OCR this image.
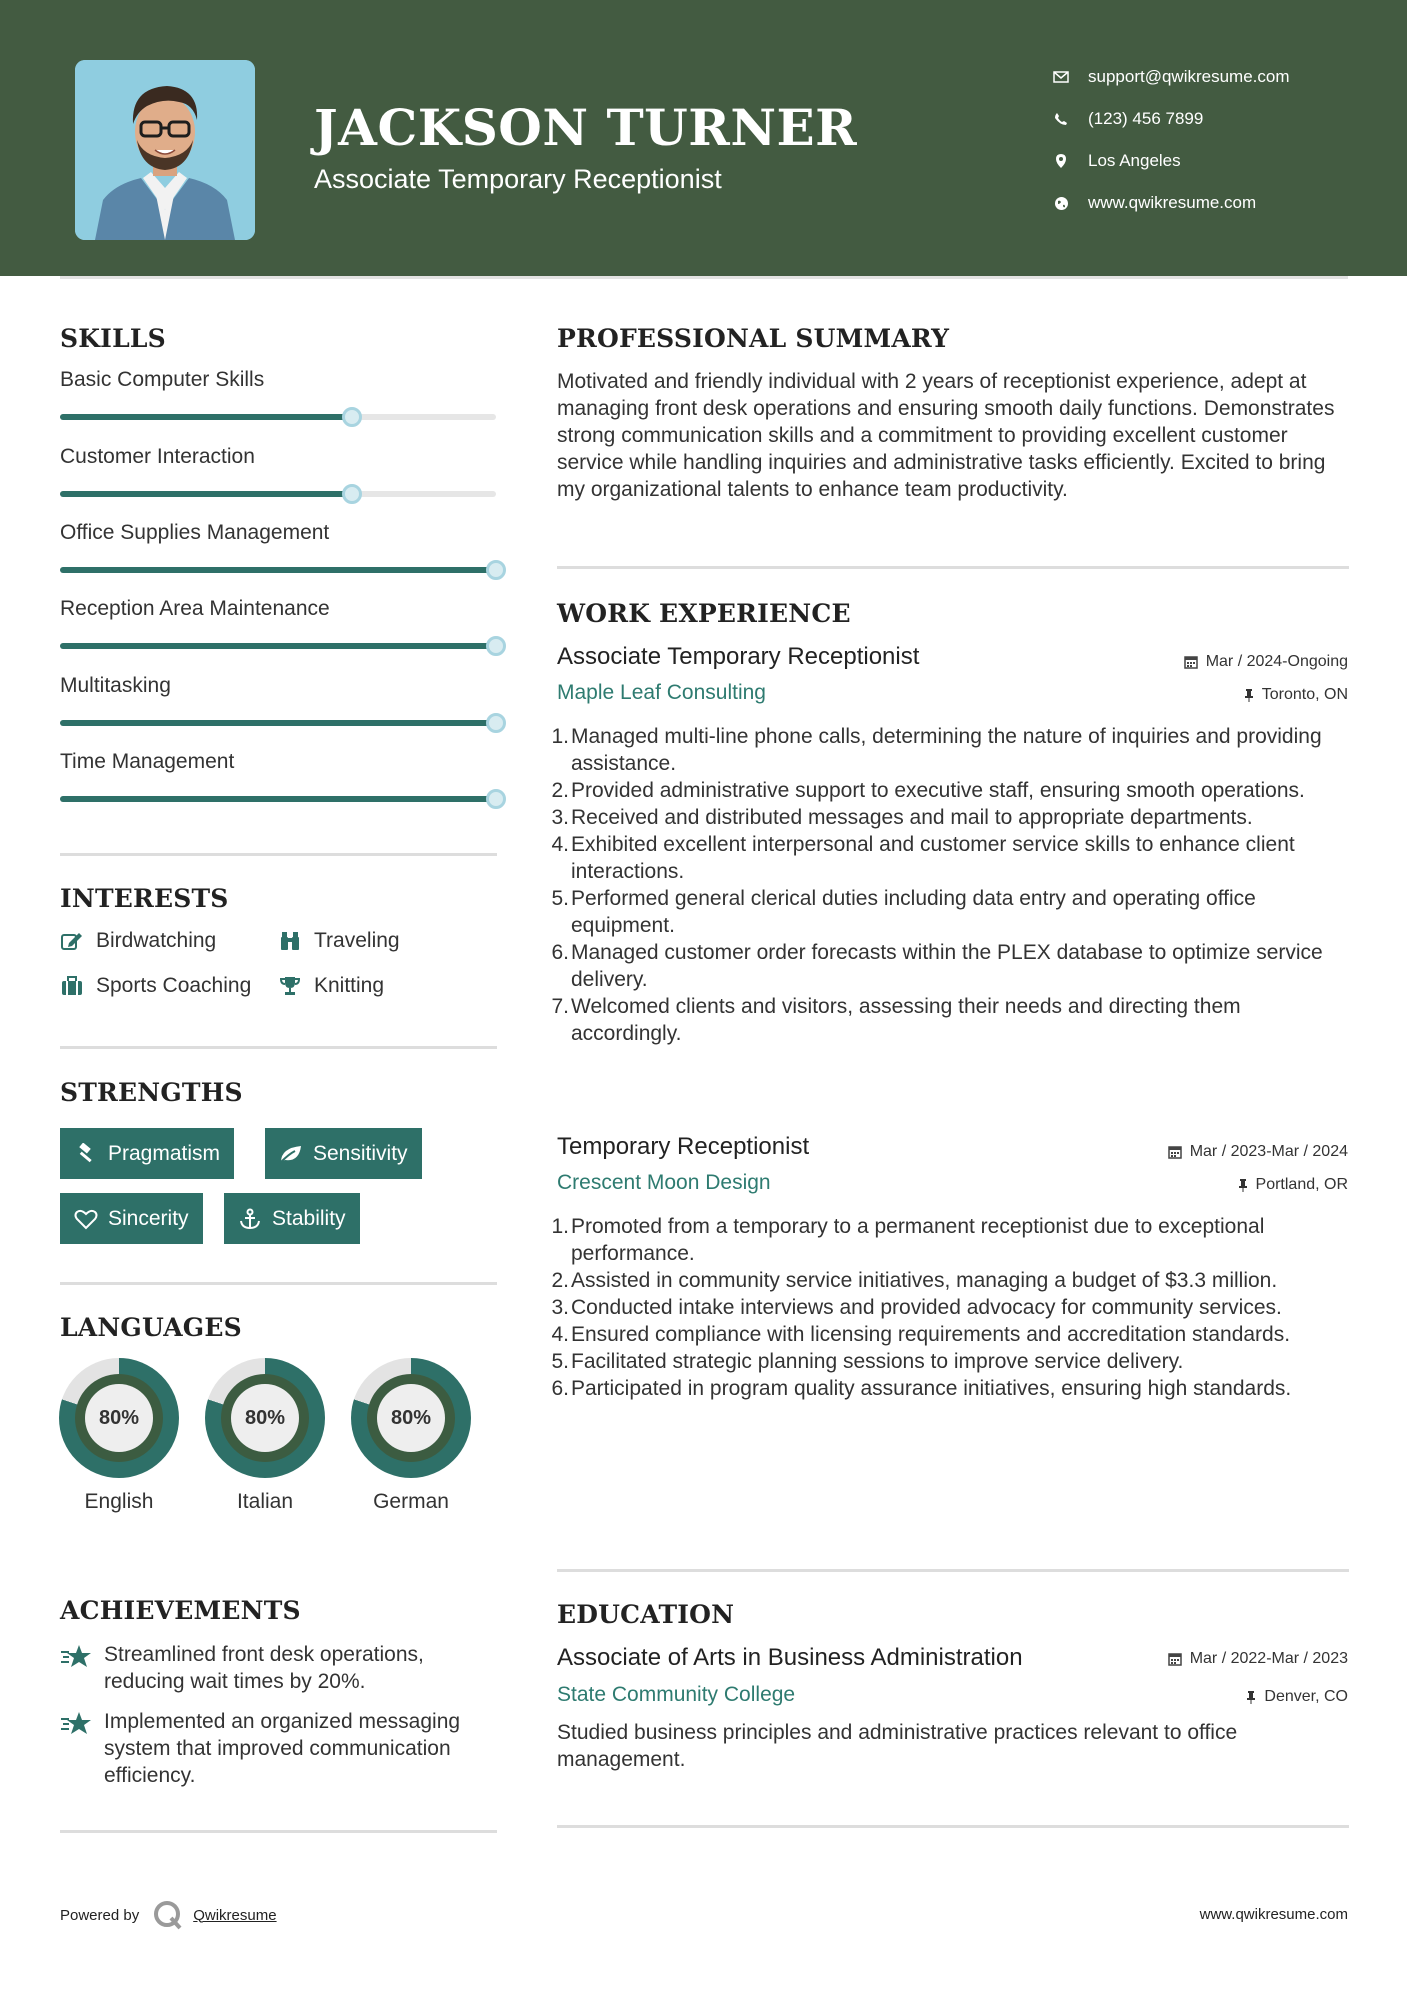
JACKSON TURNER
Associate Temporary Receptionist
support@qwikresume.com
(123) 456 7899
Los Angeles
www.qwikresume.com
SKILLS
Basic Computer Skills
Customer Interaction
Office Supplies Management
Reception Area Maintenance
Multitasking
Time Management
INTERESTS
Birdwatching	Traveling
Sports Coaching	Knitting
STRENGTHS
Pragmatism	Sensitivity
Sincerity	Stability
LANGUAGES
80%
English
80%
Italian
80%
German
ACHIEVEMENTS
Streamlined front desk operations, reducing wait times by 20%.
Implemented an organized messaging system that improved communication efficiency.
PROFESSIONAL SUMMARY
Motivated and friendly individual with 2 years of receptionist experience, adept at managing front desk operations and ensuring smooth daily functions. Demonstrates strong communication skills and a commitment to providing excellent customer service while handling inquiries and administrative tasks efficiently. Excited to bring my organizational talents to enhance team productivity.
WORK EXPERIENCE
Associate Temporary Receptionist	Mar / 2024-Ongoing
Maple Leaf Consulting	Toronto, ON
1. Managed multi-line phone calls, determining the nature of inquiries and providing assistance.
2. Provided administrative support to executive staff, ensuring smooth operations.
3. Received and distributed messages and mail to appropriate departments.
4. Exhibited excellent interpersonal and customer service skills to enhance client interactions.
5. Performed general clerical duties including data entry and operating office equipment.
6. Managed customer order forecasts within the PLEX database to optimize service delivery.
7. Welcomed clients and visitors, assessing their needs and directing them accordingly.
Temporary Receptionist	Mar / 2023-Mar / 2024
Crescent Moon Design	Portland, OR
1. Promoted from a temporary to a permanent receptionist due to exceptional performance.
2. Assisted in community service initiatives, managing a budget of $3.3 million.
3. Conducted intake interviews and provided advocacy for community services.
4. Ensured compliance with licensing requirements and accreditation standards.
5. Facilitated strategic planning sessions to improve service delivery.
6. Participated in program quality assurance initiatives, ensuring high standards.
EDUCATION
Associate of Arts in Business Administration	Mar / 2022-Mar / 2023
State Community College	Denver, CO
Studied business principles and administrative practices relevant to office management.
Powered by	Qwikresume	www.qwikresume.com
